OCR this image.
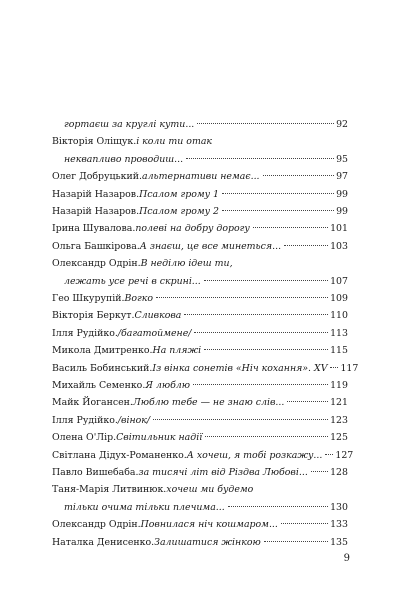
гортаєш за круглі кути...	92
Вікторія Оліщук. і коли ти отак
неквапливо проводиш...	95
Олег Добруцький. альтернативи немає...	97
Назарій Назаров. Псалом грому 1	99
Назарій Назаров. Псалом грому 2	99
Ірина Шувалова. полеві на добру дорогу	101
Ольга Башкірова. А знаєш, це все минеться...	103
Олександр Одрін. В неділю ідеш ти,
лежать усе речі в скрині...	107
Гео Шкурупій. Вогко	109
Вікторія Беркут. Сливкова	110
Ілля Рудійко. /багатоймене/	113
Микола Дмитренко. На пляжі	115
Василь Бобинський. Із вінка сонетів «Ніч кохання». XV 117
Михайль Семенко. Я люблю	119
Майк Йогансен. Люблю тебе — не знаю слів...	121
Ілля Рудійко. /вінок/	123
Олена О'Лір. Світильник надії	125
Світлана Дідух-Романенко. А хочеш, я тобі розкажу... 127
Павло Вишебаба. за тисячі літ від Різдва Любові... 128
Таня-Марія Литвинюк. хочеш ми будемо
тільки очима тільки плечима...	130
Олександр Одрін. Повнилася ніч кошмаром...	133
Наталка Денисенко. Залишатися жінкою	135
9
